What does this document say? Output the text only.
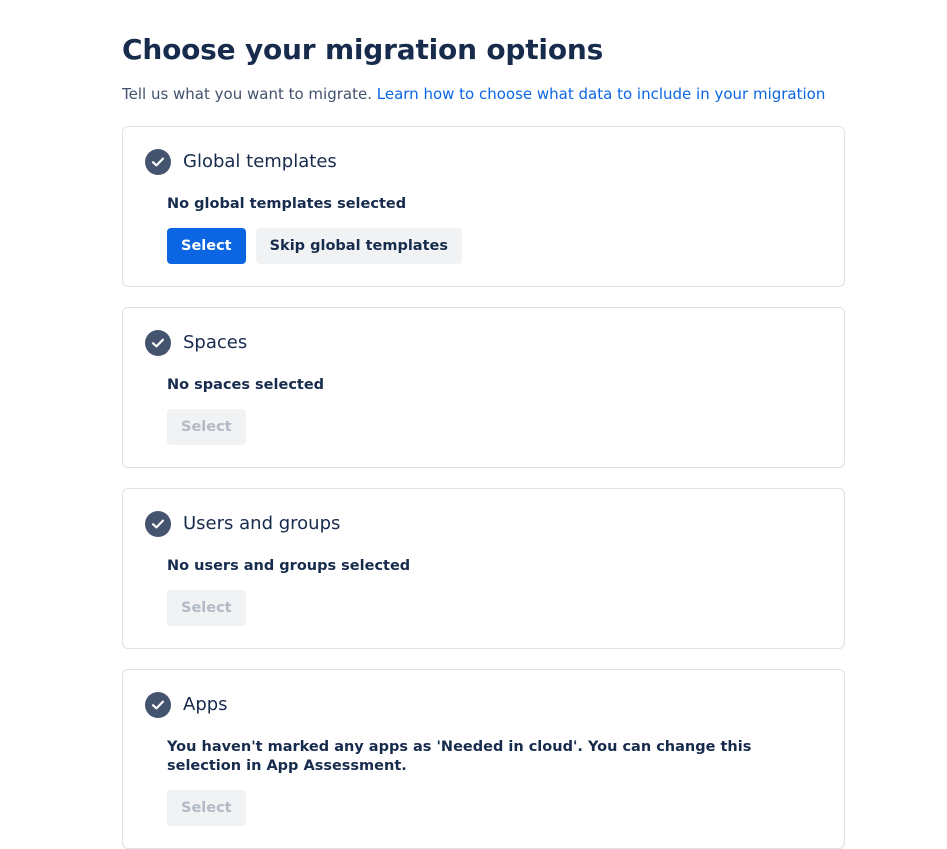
Choose your migration options
Tell us what you want to migrate. Learn how to choose what data to include in your migration
Global templates
No global templates selected
Select	Skip global templates
Spaces
No spaces selected
Select
Users and groups
No users and groups selected
Select
Apps
You haven't marked any apps as 'Needed in cloud'. You can change this selection in App Assessment.
Select
